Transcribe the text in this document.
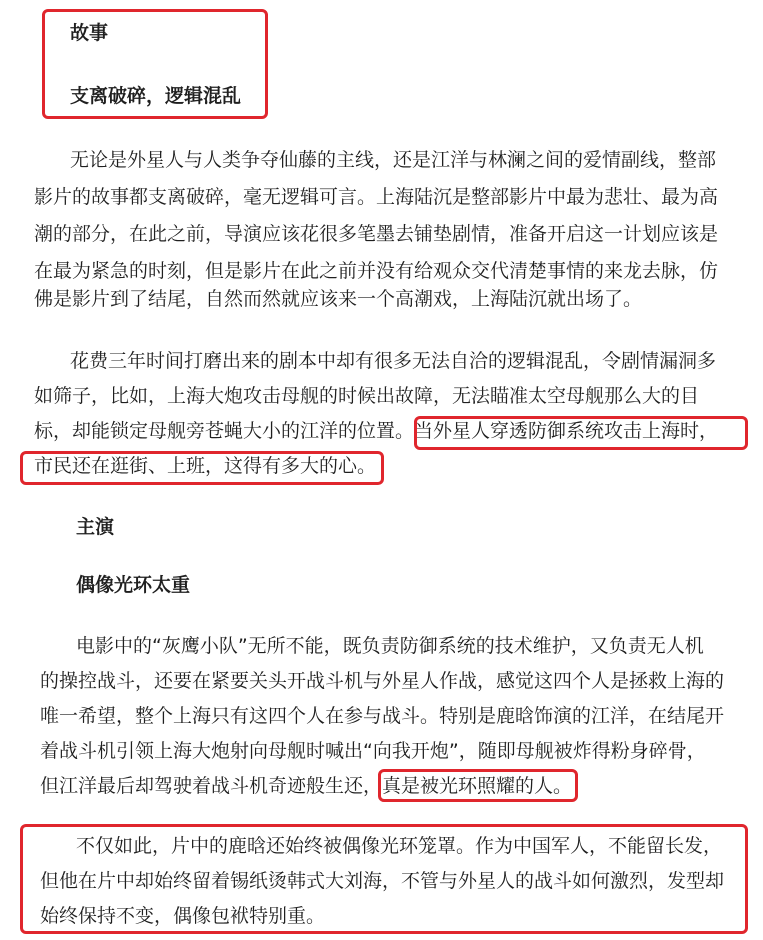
故事
支离破碎，逻辑混乱
无论是外星人与人类争夺仙藤的主线，还是江洋与林澜之间的爱情副线，整部
影片的故事都支离破碎，毫无逻辑可言。上海陆沉是整部影片中最为悲壮、最为高
潮的部分，在此之前，导演应该花很多笔墨去铺垫剧情，准备开启这一计划应该是
在最为紧急的时刻，但是影片在此之前并没有给观众交代清楚事情的来龙去脉，仿
佛是影片到了结尾，自然而然就应该来一个高潮戏，上海陆沉就出场了。
花费三年时间打磨出来的剧本中却有很多无法自洽的逻辑混乱，令剧情漏洞多
如筛子，比如，上海大炮攻击母舰的时候出故障，无法瞄准太空母舰那么大的目
标，却能锁定母舰旁苍蝇大小的江洋的位置。当外星人穿透防御系统攻击上海时，
市民还在逛街、上班，这得有多大的心。
主演
偶像光环太重
电影中的“灰鹰小队”无所不能，既负责防御系统的技术维护，又负责无人机
的操控战斗，还要在紧要关头开战斗机与外星人作战，感觉这四个人是拯救上海的
唯一希望，整个上海只有这四个人在参与战斗。特别是鹿晗饰演的江洋，在结尾开
着战斗机引领上海大炮射向母舰时喊出“向我开炮”，随即母舰被炸得粉身碎骨，
但江洋最后却驾驶着战斗机奇迹般生还，真是被光环照耀的人。
不仅如此，片中的鹿晗还始终被偶像光环笼罩。作为中国军人，不能留长发，
但他在片中却始终留着锡纸烫韩式大刘海，不管与外星人的战斗如何激烈，发型却
始终保持不变，偶像包袱特别重。
